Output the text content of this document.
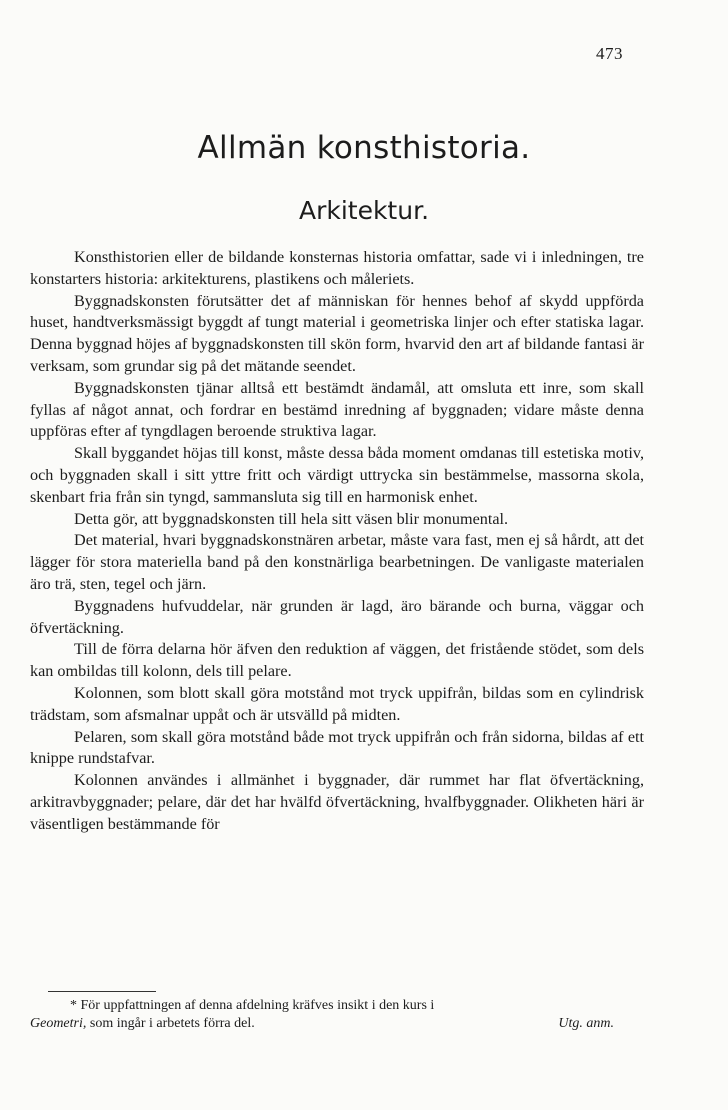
473
Allmän konsthistoria.
Arkitektur.

Konsthistorien eller de bildande konsternas historia omfattar, sade vi i inledningen, tre konstarters historia: arkitekturens, plastikens och måleriets.

Byggnadskonsten förutsätter det af människan för hennes behof af skydd uppförda huset, handtverksmässigt byggdt af tungt material i geometriska linjer och efter statiska lagar. Denna byggnad höjes af byggnadskonsten till skön form, hvarvid den art af bildande fantasi är verksam, som grundar sig på det mätande seendet.

Byggnadskonsten tjänar alltså ett bestämdt ändamål, att omsluta ett inre, som skall fyllas af något annat, och fordrar en bestämd inredning af byggnaden; vidare måste denna uppföras efter af tyngdlagen beroende struktiva lagar.

Skall byggandet höjas till konst, måste dessa båda moment omdanas till estetiska motiv, och byggnaden skall i sitt yttre fritt och värdigt uttrycka sin bestämmelse, massorna skola, skenbart fria från sin tyngd, sammansluta sig till en harmonisk enhet.

Detta gör, att byggnadskonsten till hela sitt väsen blir monumental.

Det material, hvari byggnadskonstnären arbetar, måste vara fast, men ej så hårdt, att det lägger för stora materiella band på den konstnärliga bearbetningen. De vanligaste materialen äro trä, sten, tegel och järn.

Byggnadens hufvuddelar, när grunden är lagd, äro bärande och burna, väggar och öfvertäckning.

Till de förra delarna hör äfven den reduktion af väggen, det fristående stödet, som dels kan ombildas till kolonn, dels till pelare.

Kolonnen, som blott skall göra motstånd mot tryck uppifrån, bildas som en cylindrisk trädstam, som afsmalnar uppåt och är utsvälld på midten.

Pelaren, som skall göra motstånd både mot tryck uppifrån och från sidorna, bildas af ett knippe rundstafvar.

Kolonnen användes i allmänhet i byggnader, där rummet har flat öfvertäckning, arkitravbyggnader; pelare, där det har hvälfd öfvertäckning, hvalfbyggnader. Olikheten häri är väsentligen bestämmande för

* För uppfattningen af denna afdelning kräfves insikt i den kurs i

Geometri, som ingår i arbetets förra del.	Utg. anm.
